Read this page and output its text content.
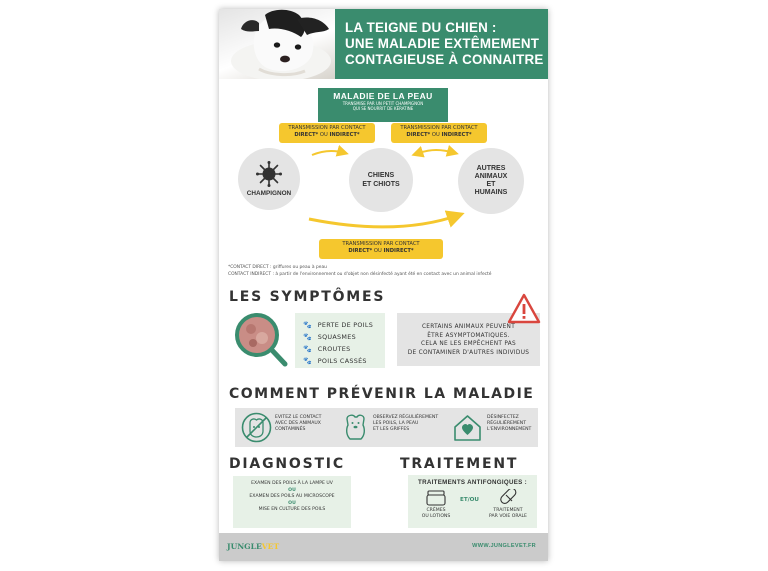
LA TEIGNE DU CHIEN :
UNE MALADIE EXTÊMEMENT
CONTAGIEUSE À CONNAITRE
MALADIE DE LA PEAU
TRANSMISE PAR UN PETIT CHAMPIGNON
QUI SE NOURRIT DE KÉRATINE
TRANSMISSION PAR CONTACT
DIRECT* OU INDIRECT*
TRANSMISSION PAR CONTACT
DIRECT* OU INDIRECT*
CHAMPIGNON
CHIENS
ET CHIOTS
AUTRES
ANIMAUX
ET
HUMAINS
TRANSMISSION PAR CONTACT
DIRECT* OU INDIRECT*
*CONTACT DIRECT : griffures ou peau à peau
CONTACT INDIRECT : à partir de l'environnement ou d'objet non désinfecté ayant été en contact avec un animal infecté
LES SYMPTÔMES
🐾 PERTE DE POILS
🐾 SQUASMES
🐾 CROUTES
🐾 POILS CASSÉS
CERTAINS ANIMAUX PEUVENT
ÊTRE ASYMPTOMATIQUES.
CELA NE LES EMPÊCHENT PAS
DE CONTAMINER D'AUTRES INDIVIDUS
COMMENT PRÉVENIR LA MALADIE
EVITEZ LE CONTACT
AVEC DES ANIMAUX
CONTAMINÉS
OBSERVEZ RÉGULIÈREMENT
LES POILS, LA PEAU
ET LES GRIFFES
DÉSINFECTEZ
RÉGULIÈREMENT
L'ENVIRONNEMENT
DIAGNOSTIC
EXAMEN DES POILS À LA LAMPE UV
OU
EXAMEN DES POILS AU MICROSCOPE
OU
MISE EN CULTURE DES POILS
TRAITEMENT
TRAITEMENTS ANTIFONGIQUES :
CRÈMES
OU LOTIONS
ET/OU
TRAITEMENT
PAR VOIE ORALE
JUNGLEVET	WWW.JUNGLEVET.FR
